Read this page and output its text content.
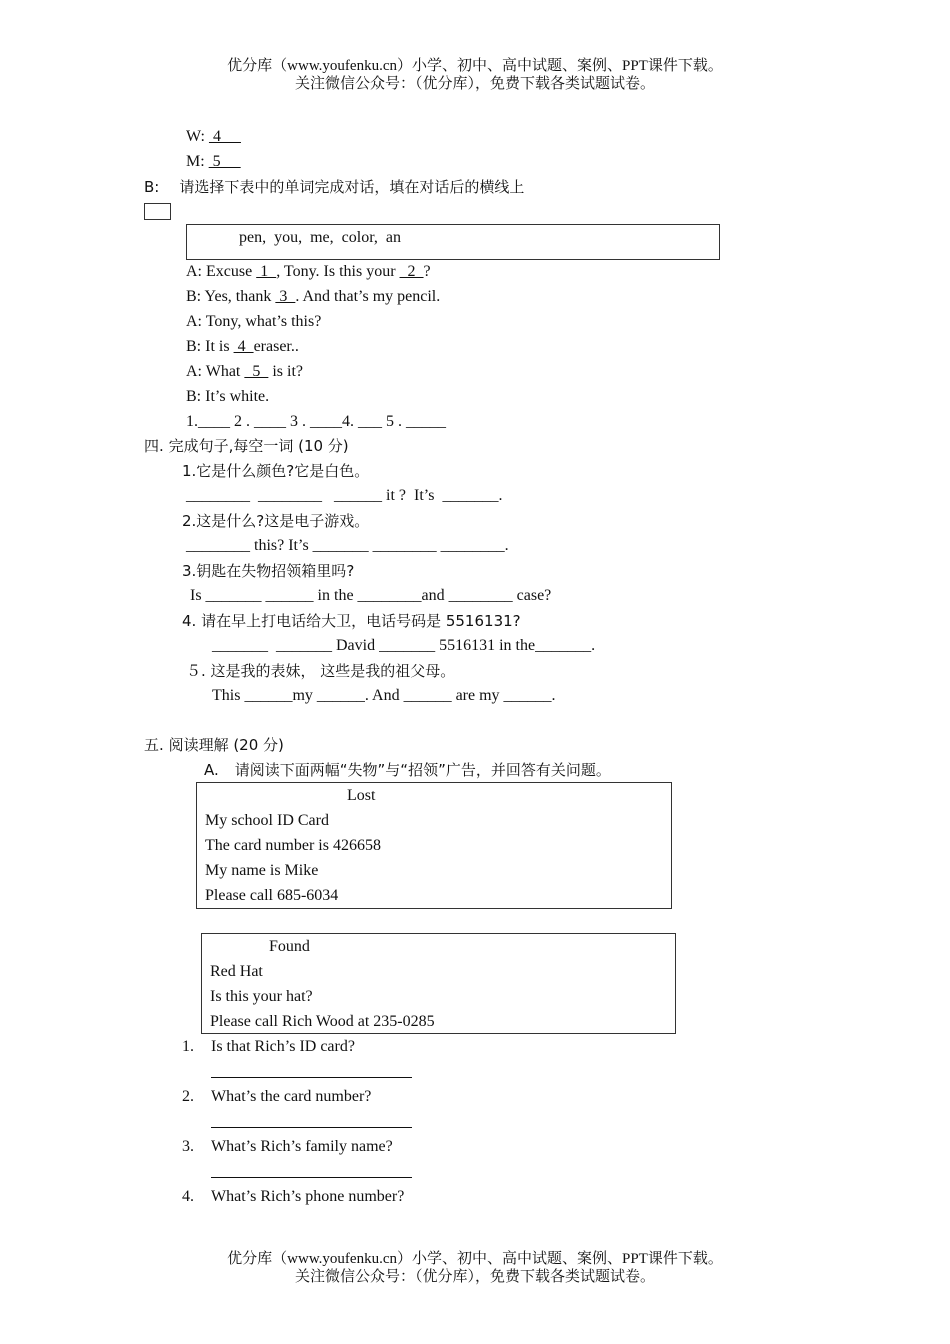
优分库（www.youfenku.cn）小学、初中、高中试题、案例、PPT课件下载。
关注微信公众号：（优分库），免费下载各类试题试卷。
W:  4
M:  5
B: 请选择下表中的单词完成对话，填在对话后的横线上
pen,  you,  me,  color,  an
A: Excuse  1  , Tony. Is this your   2  ?
B: Yes, thank  3  . And that’s my pencil.
A: Tony, what’s this?
B: It is  4  eraser..
A: What   5   is it?
B: It’s white.
1.____ 2 . ____ 3 . ____4. ___ 5 . _____
四. 完成句子,每空一词 (10 分)
1.它是什么颜色?它是白色。
________  ________   ______ it ?  It’s  _______.
2.这是什么?这是电子游戏。
________ this? It’s _______ ________ ________.
3.钥匙在失物招领箱里吗?
Is _______ ______ in the ________and ________ case?
4. 请在早上打电话给大卫，电话号码是 5516131?
_______  _______ David _______ 5516131 in the_______.
５. 这是我的表妹， 这些是我的祖父母。
This ______my ______. And ______ are my ______.
五. 阅读理解 (20 分)
A. 请阅读下面两幅“失物”与“招领”广告，并回答有关问题。
Lost
My school ID Card
The card number is 426658
My name is Mike
Please call 685-6034
Found
Red Hat
Is this your hat?
Please call Rich Wood at 235-0285
1. Is that Rich’s ID card?
2. What’s the card number?
3. What’s Rich’s family name?
4. What’s Rich’s phone number?
优分库（www.youfenku.cn）小学、初中、高中试题、案例、PPT课件下载。
关注微信公众号：（优分库），免费下载各类试题试卷。
